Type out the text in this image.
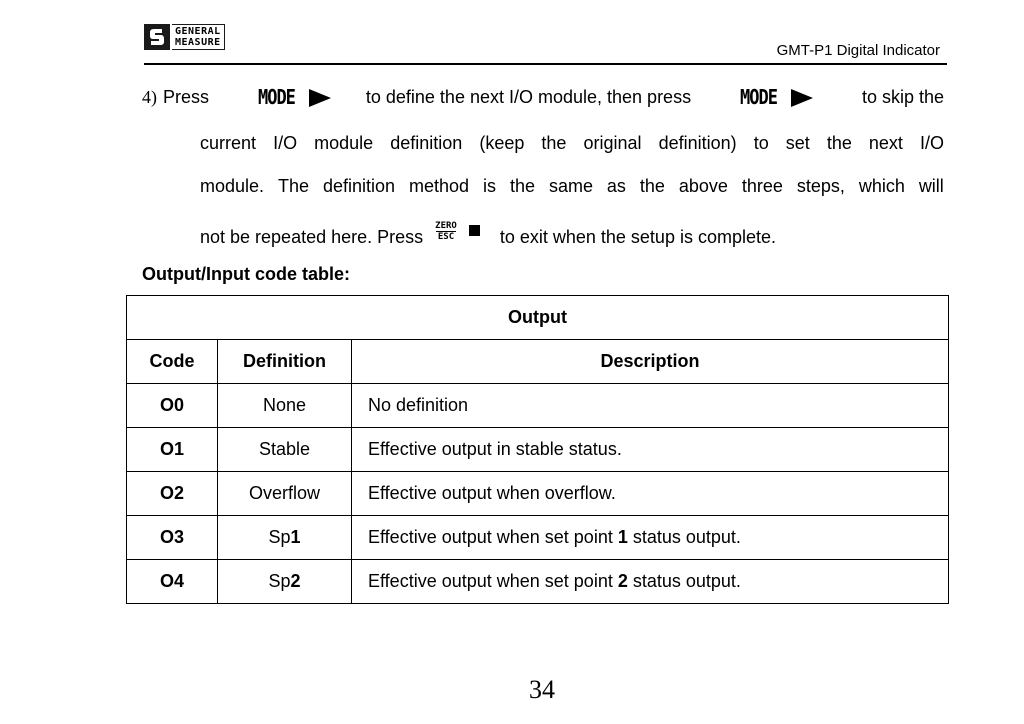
GENERAL
MEASURE	GMT-P1 Digital Indicator
4) Press	MODE	to define the next I/O module, then press	MODE	to skip the
current I/O module definition (keep the original definition) to set the next I/O
module. The definition method is the same as the above three steps, which will
not be repeated here. Press
ZERO
ESC	to exit when the setup is complete.
Output/Input code table:
Output		
Code	Definition	Description
O0	None	No definition
O1	Stable	Effective output in stable status.
O2	Overflow	Effective output when overflow.
O3	Sp1	Effective output when set point 1 status output.
O4	Sp2	Effective output when set point 2 status output.
34
